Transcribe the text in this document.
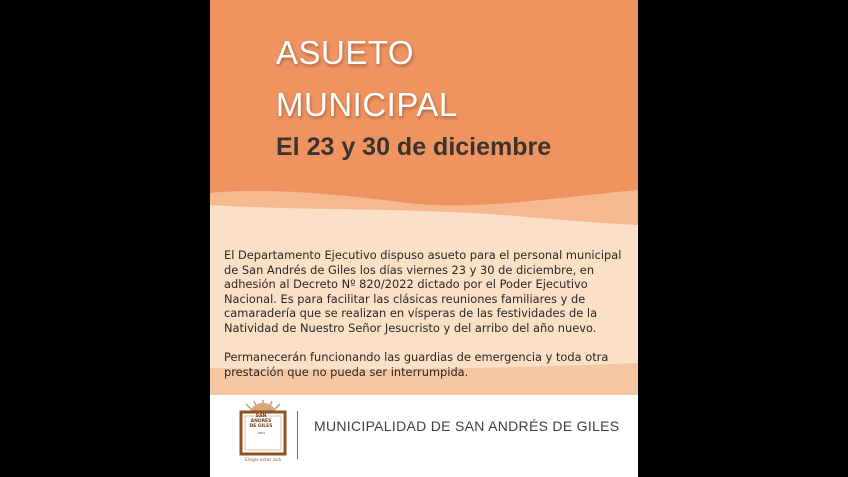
ASUETO
MUNICIPAL
El 23 y 30 de diciembre

El Departamento Ejecutivo dispuso asueto para el personal municipal
de San Andrés de Giles los días viernes 23 y 30 de diciembre, en
adhesión al Decreto Nº 820/2022 dictado por el Poder Ejecutivo
Nacional. Es para facilitar las clásicas reuniones familiares y de
camaradería que se realizan en vísperas de las festividades de la
Natividad de Nuestro Señor Jesucristo y del arribo del año nuevo.

Permanecerán funcionando las guardias de emergencia y toda otra
prestación que no pueda ser interrumpida.

SAN
ANDRÉS
DE GILES
1864
Elegís estar acá

MUNICIPALIDAD DE SAN ANDRÉS DE GILES
